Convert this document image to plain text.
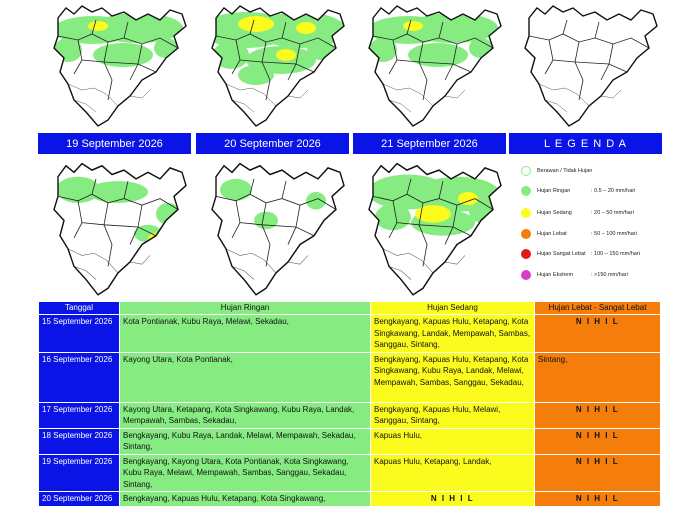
19 September 2026	20 September 2026	21 September 2026	L E G E N D A
Berawan / Tidak Hujan
Hujan Ringan	: 0.5 – 20 mm/hari
Hujan Sedang	: 20 – 50 mm/hari
Hujan Lebat	: 50 – 100 mm/hari
Hujan Sangat Lebat : 100 – 150 mm/hari
Hujan Ekstrem	: >150 mm/hari
Tanggal	Hujan Ringan	Hujan Sedang	Hujan Lebat - Sangat Lebat
15 September 2026	Kota Pontianak, Kubu Raya, Melawi, Sekadau,	Bengkayang, Kapuas Hulu, Ketapang, Kota Singkawang, Landak, Mempawah, Sambas, Sanggau, Sintang,	N I H I L
16 September 2026	Kayong Utara, Kota Pontianak,	Bengkayang, Kapuas Hulu, Ketapang, Kota Singkawang, Kubu Raya, Landak, Melawi, Mempawah, Sambas, Sanggau, Sekadau,	Sintang,
17 September 2026	Kayong Utara, Ketapang, Kota Singkawang, Kubu Raya, Landak, Mempawah, Sambas, Sekadau,	Bengkayang, Kapuas Hulu, Melawi, Sanggau, Sintang,	N I H I L
18 September 2026	Bengkayang, Kubu Raya, Landak, Melawi, Mempawah, Sekadau, Sintang,	Kapuas Hulu,	N I H I L
19 September 2026	Bengkayang, Kayong Utara, Kota Pontianak, Kota Singkawang, Kubu Raya, Melawi, Mempawah, Sambas, Sanggau, Sekadau, Sintang,	Kapuas Hulu, Ketapang, Landak,	N I H I L
20 September 2026	Bengkayang, Kapuas Hulu, Ketapang, Kota Singkawang,	N I H I L	N I H I L
